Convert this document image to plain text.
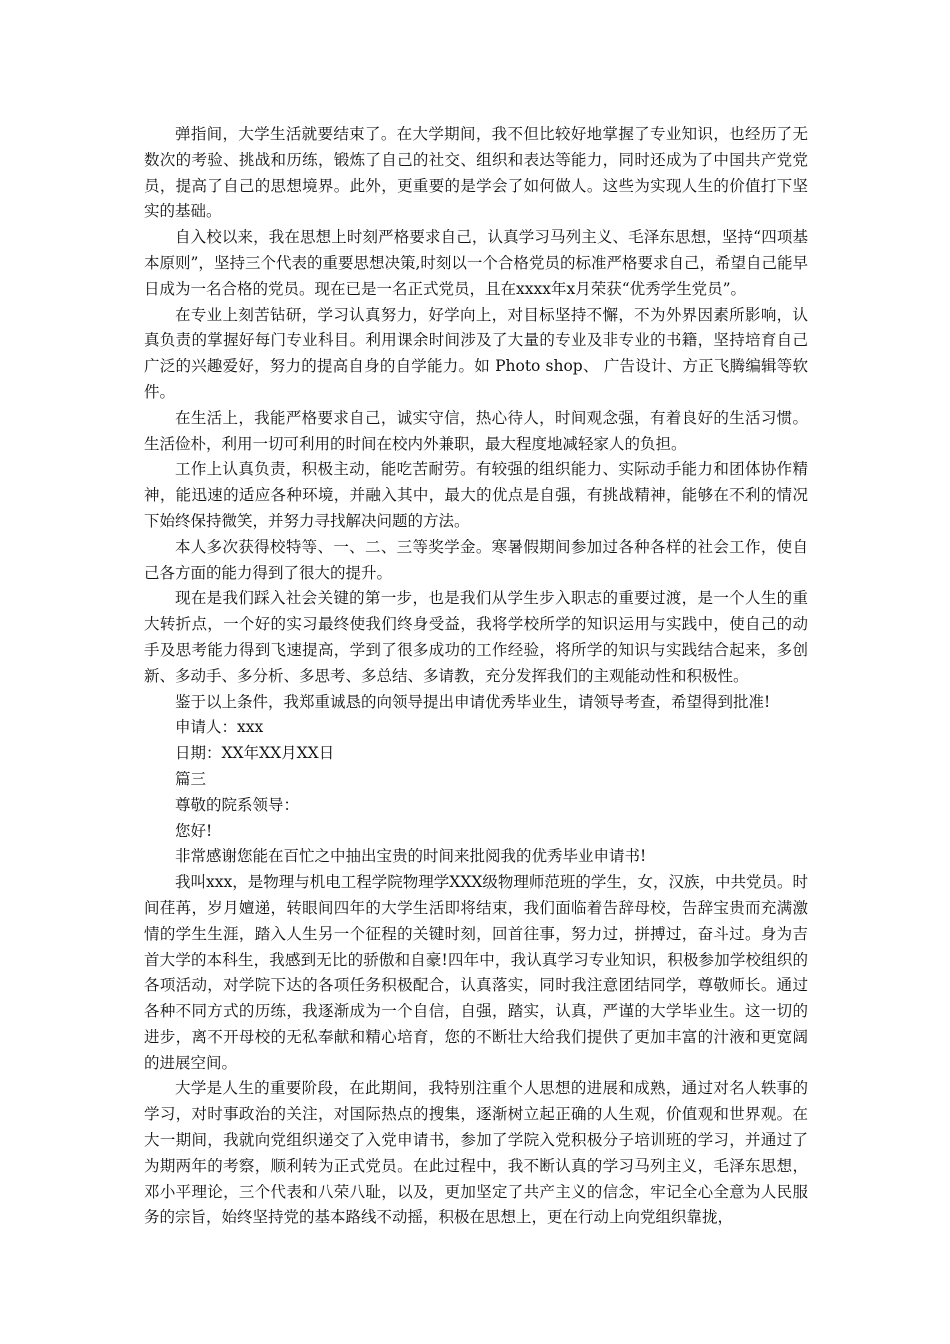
弹指间，大学生活就要结束了。在大学期间，我不但比较好地掌握了专业知识，也经历了无数次的考验、挑战和历练，锻炼了自己的社交、组织和表达等能力，同时还成为了中国共产党党员，提高了自己的思想境界。此外，更重要的是学会了如何做人。这些为实现人生的价值打下坚实的基础。

自入校以来，我在思想上时刻严格要求自己，认真学习马列主义、毛泽东思想，坚持“四项基本原则”，坚持三个代表的重要思想决策,时刻以一个合格党员的标准严格要求自己，希望自己能早日成为一名合格的党员。现在已是一名正式党员，且在xxxx年x月荣获“优秀学生党员”。

在专业上刻苦钻研，学习认真努力，好学向上，对目标坚持不懈，不为外界因素所影响，认真负责的掌握好每门专业科目。利用课余时间涉及了大量的专业及非专业的书籍，坚持培育自己广泛的兴趣爱好，努力的提高自身的自学能力。如 Photo shop、 广告设计、方正飞腾编辑等软件。

在生活上，我能严格要求自己，诚实守信，热心待人，时间观念强，有着良好的生活习惯。生活俭朴，利用一切可利用的时间在校内外兼职，最大程度地减轻家人的负担。

工作上认真负责，积极主动，能吃苦耐劳。有较强的组织能力、实际动手能力和团体协作精神，能迅速的适应各种环境，并融入其中，最大的优点是自强，有挑战精神，能够在不利的情况下始终保持微笑，并努力寻找解决问题的方法。

本人多次获得校特等、一、二、三等奖学金。寒暑假期间参加过各种各样的社会工作，使自己各方面的能力得到了很大的提升。

现在是我们踩入社会关键的第一步，也是我们从学生步入职志的重要过渡，是一个人生的重大转折点，一个好的实习最终使我们终身受益，我将学校所学的知识运用与实践中，使自己的动手及思考能力得到飞速提高，学到了很多成功的工作经验，将所学的知识与实践结合起来，多创新、多动手、多分析、多思考、多总结、多请教，充分发挥我们的主观能动性和积极性。

鉴于以上条件，我郑重诚恳的向领导提出申请优秀毕业生，请领导考查，希望得到批准!

申请人：xxx

日期：XX年XX月XX日

篇三

尊敬的院系领导：

您好!

非常感谢您能在百忙之中抽出宝贵的时间来批阅我的优秀毕业申请书!

我叫xxx，是物理与机电工程学院物理学XXX级物理师范班的学生，女，汉族，中共党员。时间荏苒，岁月嬗递，转眼间四年的大学生活即将结束，我们面临着告辞母校，告辞宝贵而充满激情的学生生涯，踏入人生另一个征程的关键时刻，回首往事，努力过，拼搏过，奋斗过。身为吉首大学的本科生，我感到无比的骄傲和自豪!四年中，我认真学习专业知识，积极参加学校组织的各项活动，对学院下达的各项任务积极配合，认真落实，同时我注意团结同学，尊敬师长。通过各种不同方式的历练，我逐渐成为一个自信，自强，踏实，认真，严谨的大学毕业生。这一切的进步，离不开母校的无私奉献和精心培育，您的不断壮大给我们提供了更加丰富的汁液和更宽阔的进展空间。

大学是人生的重要阶段，在此期间，我特别注重个人思想的进展和成熟，通过对名人轶事的学习，对时事政治的关注，对国际热点的搜集，逐渐树立起正确的人生观，价值观和世界观。在大一期间，我就向党组织递交了入党申请书，参加了学院入党积极分子培训班的学习，并通过了为期两年的考察，顺利转为正式党员。在此过程中，我不断认真的学习马列主义，毛泽东思想，邓小平理论，三个代表和八荣八耻，以及，更加坚定了共产主义的信念，牢记全心全意为人民服务的宗旨，始终坚持党的基本路线不动摇，积极在思想上，更在行动上向党组织靠拢，
